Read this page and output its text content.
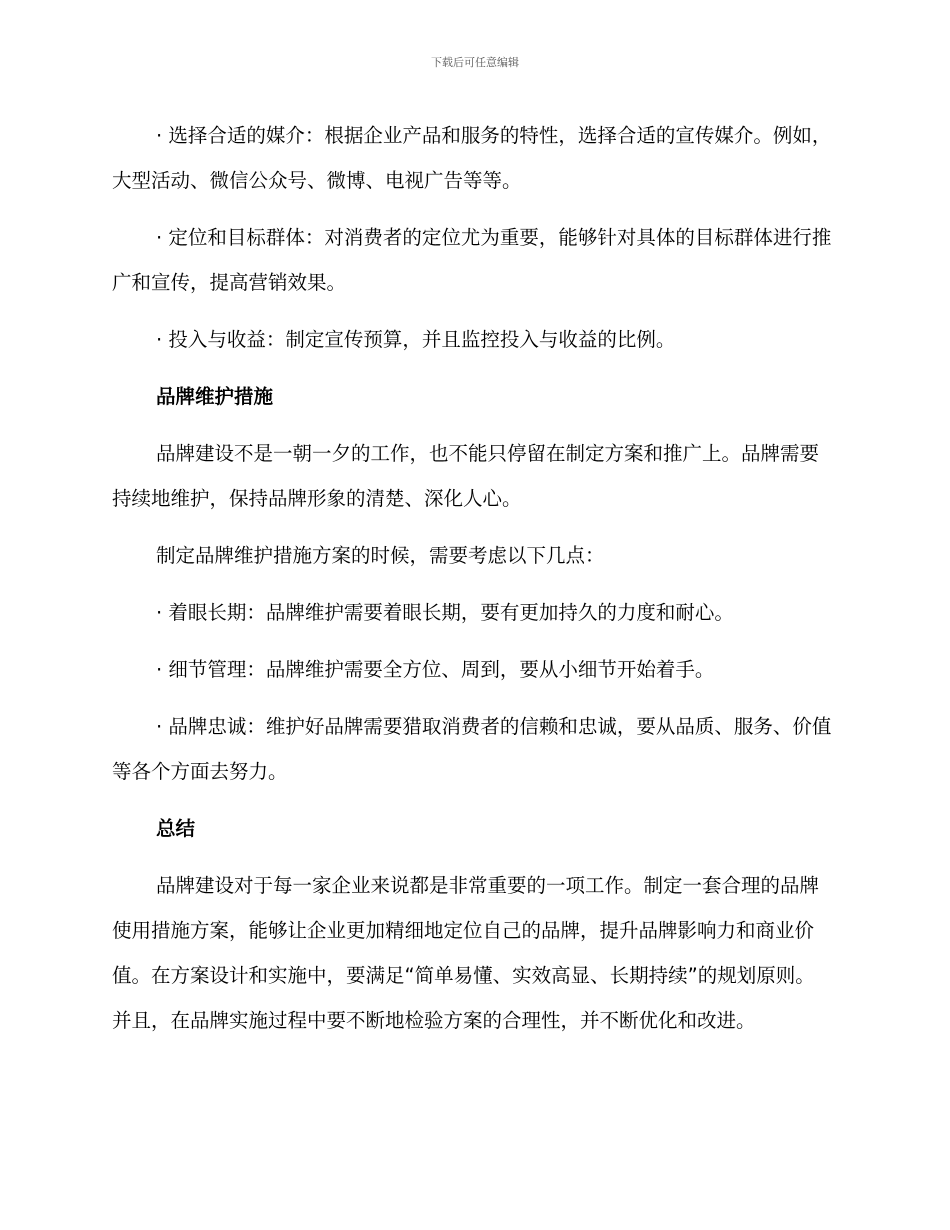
下载后可任意编辑

· 选择合适的媒介：根据企业产品和服务的特性，选择合适的宣传媒介。例如，大型活动、微信公众号、微博、电视广告等等。

· 定位和目标群体：对消费者的定位尤为重要，能够针对具体的目标群体进行推广和宣传，提高营销效果。

· 投入与收益：制定宣传预算，并且监控投入与收益的比例。

品牌维护措施

品牌建设不是一朝一夕的工作，也不能只停留在制定方案和推广上。品牌需要持续地维护，保持品牌形象的清楚、深化人心。

制定品牌维护措施方案的时候，需要考虑以下几点：

· 着眼长期：品牌维护需要着眼长期，要有更加持久的力度和耐心。

· 细节管理：品牌维护需要全方位、周到，要从小细节开始着手。

· 品牌忠诚：维护好品牌需要猎取消费者的信赖和忠诚，要从品质、服务、价值等各个方面去努力。

总结

品牌建设对于每一家企业来说都是非常重要的一项工作。制定一套合理的品牌使用措施方案，能够让企业更加精细地定位自己的品牌，提升品牌影响力和商业价值。在方案设计和实施中，要满足“简单易懂、实效高显、长期持续”的规划原则。并且，在品牌实施过程中要不断地检验方案的合理性，并不断优化和改进。
